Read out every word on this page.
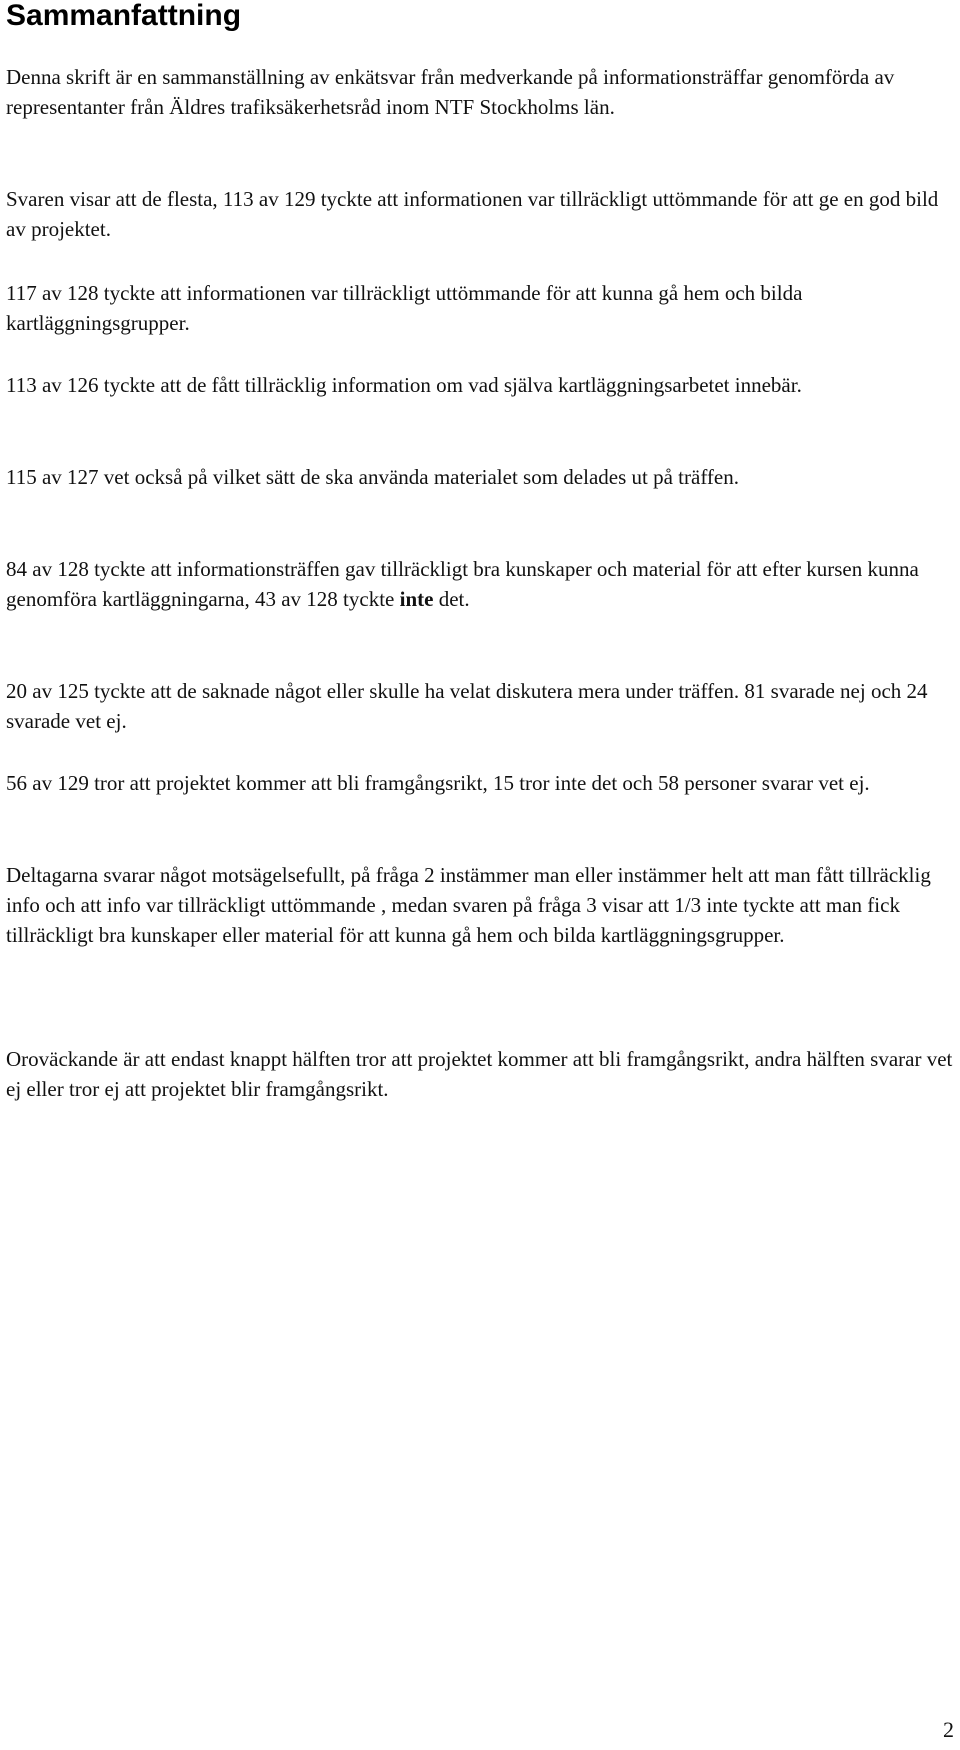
Sammanfattning

Denna skrift är en sammanställning av enkätsvar från medverkande på informationsträffar genomförda av representanter från Äldres trafiksäkerhetsråd inom NTF Stockholms län.

Svaren visar att de flesta, 113 av 129 tyckte att informationen var tillräckligt uttömmande för att ge en god bild av projektet.

117 av 128 tyckte att informationen var tillräckligt uttömmande för att kunna gå hem och bilda kartläggningsgrupper.

113 av 126 tyckte att de fått tillräcklig information om vad själva kartläggningsarbetet innebär.

115 av 127 vet också på vilket sätt de ska använda materialet som delades ut på träffen.

84 av 128 tyckte att informationsträffen gav tillräckligt bra kunskaper och material för att efter kursen kunna genomföra kartläggningarna, 43 av 128 tyckte inte det.

20 av 125 tyckte att de saknade något eller skulle ha velat diskutera mera under träffen. 81 svarade nej och 24 svarade vet ej.

56 av 129 tror att projektet kommer att bli framgångsrikt, 15 tror inte det och 58 personer svarar vet ej.

Deltagarna svarar något motsägelsefullt, på fråga 2 instämmer man eller instämmer helt att man fått tillräcklig info och att info var tillräckligt uttömmande , medan svaren på fråga 3 visar att 1/3 inte tyckte att man fick tillräckligt bra kunskaper eller material för att kunna gå hem och bilda kartläggningsgrupper.

Oroväckande är att endast knappt hälften tror att projektet kommer att bli framgångsrikt, andra hälften svarar vet ej eller tror ej att projektet blir framgångsrikt.

2
